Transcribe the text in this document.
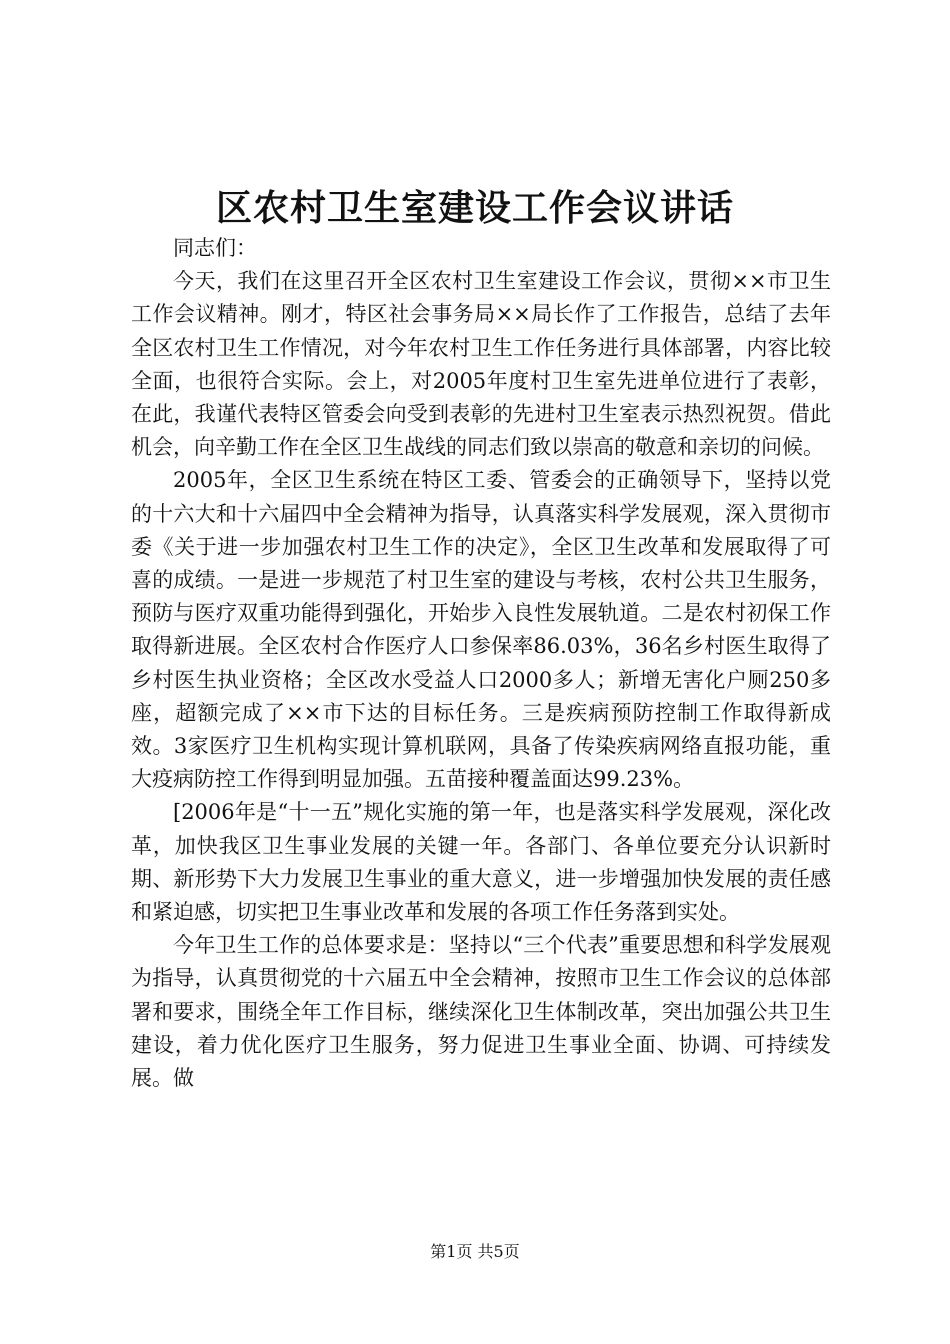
区农村卫生室建设工作会议讲话

同志们：

今天，我们在这里召开全区农村卫生室建设工作会议，贯彻××市卫生工作会议精神。刚才，特区社会事务局××局长作了工作报告，总结了去年全区农村卫生工作情况，对今年农村卫生工作任务进行具体部署，内容比较全面，也很符合实际。会上，对2005年度村卫生室先进单位进行了表彰，在此，我谨代表特区管委会向受到表彰的先进村卫生室表示热烈祝贺。借此机会，向辛勤工作在全区卫生战线的同志们致以崇高的敬意和亲切的问候。

2005年，全区卫生系统在特区工委、管委会的正确领导下，坚持以党的十六大和十六届四中全会精神为指导，认真落实科学发展观，深入贯彻市委《关于进一步加强农村卫生工作的决定》，全区卫生改革和发展取得了可喜的成绩。一是进一步规范了村卫生室的建设与考核，农村公共卫生服务，预防与医疗双重功能得到强化，开始步入良性发展轨道。二是农村初保工作取得新进展。全区农村合作医疗人口参保率86.03%，36名乡村医生取得了乡村医生执业资格；全区改水受益人口2000多人；新增无害化户厕250多座，超额完成了××市下达的目标任务。三是疾病预防控制工作取得新成效。3家医疗卫生机构实现计算机联网，具备了传染疾病网络直报功能，重大疫病防控工作得到明显加强。五苗接种覆盖面达99.23%。

[2006年是“十一五”规化实施的第一年，也是落实科学发展观，深化改革，加快我区卫生事业发展的关键一年。各部门、各单位要充分认识新时期、新形势下大力发展卫生事业的重大意义，进一步增强加快发展的责任感和紧迫感，切实把卫生事业改革和发展的各项工作任务落到实处。

今年卫生工作的总体要求是：坚持以“三个代表”重要思想和科学发展观为指导，认真贯彻党的十六届五中全会精神，按照市卫生工作会议的总体部署和要求，围绕全年工作目标，继续深化卫生体制改革，突出加强公共卫生建设，着力优化医疗卫生服务，努力促进卫生事业全面、协调、可持续发展。做

第1页 共5页
